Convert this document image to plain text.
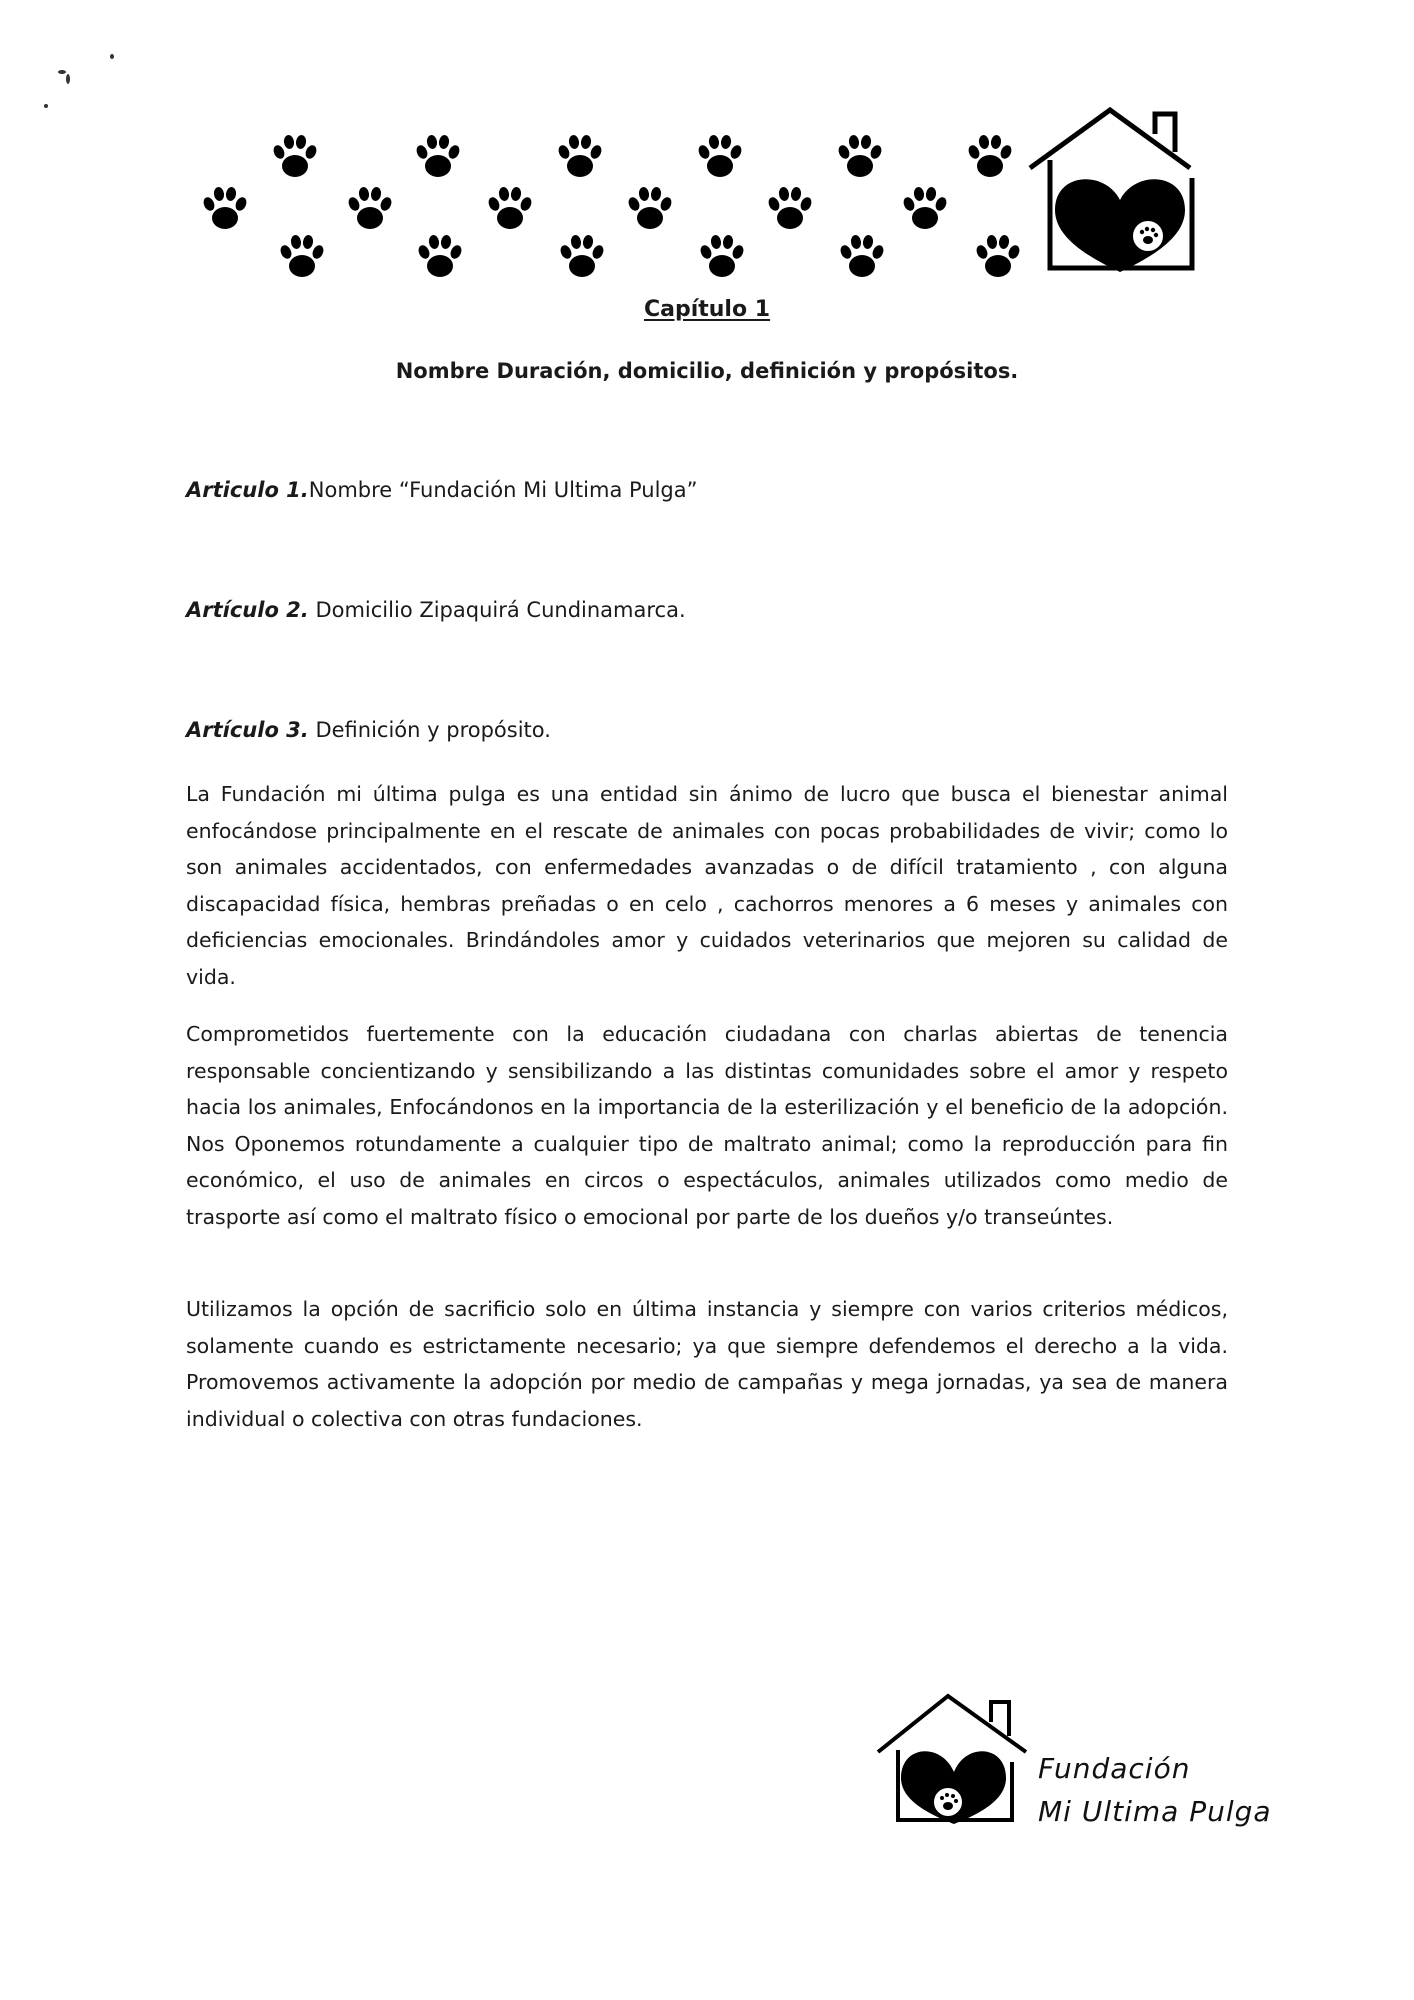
Capítulo 1
Nombre Duración, domicilio, definición y propósitos.
Articulo 1.Nombre “Fundación Mi Ultima Pulga”
Artículo 2. Domicilio Zipaquirá Cundinamarca.
Artículo 3. Definición y propósito.
La Fundación mi última pulga es una entidad sin ánimo de lucro que busca el bienestar animal enfocándose principalmente en el rescate de animales con pocas probabilidades de vivir; como lo son animales accidentados, con enfermedades avanzadas o de difícil tratamiento , con alguna discapacidad física, hembras preñadas o en celo , cachorros menores a 6 meses y animales con deficiencias emocionales. Brindándoles amor y cuidados veterinarios que mejoren su calidad de vida.
Comprometidos fuertemente con la educación ciudadana con charlas abiertas de tenencia responsable concientizando y sensibilizando a las distintas comunidades sobre el amor y respeto hacia los animales, Enfocándonos en la importancia de la esterilización y el beneficio de la adopción. Nos Oponemos rotundamente a cualquier tipo de maltrato animal; como la reproducción para fin económico, el uso de animales en circos o espectáculos, animales utilizados como medio de trasporte así como el maltrato físico o emocional por parte de los dueños y/o transeúntes.
Utilizamos la opción de sacrificio solo en última instancia y siempre con varios criterios médicos, solamente cuando es estrictamente necesario; ya que siempre defendemos el derecho a la vida. Promovemos activamente la adopción por medio de campañas y mega jornadas, ya sea de manera individual o colectiva con otras fundaciones.
Fundación
Mi Ultima Pulga
